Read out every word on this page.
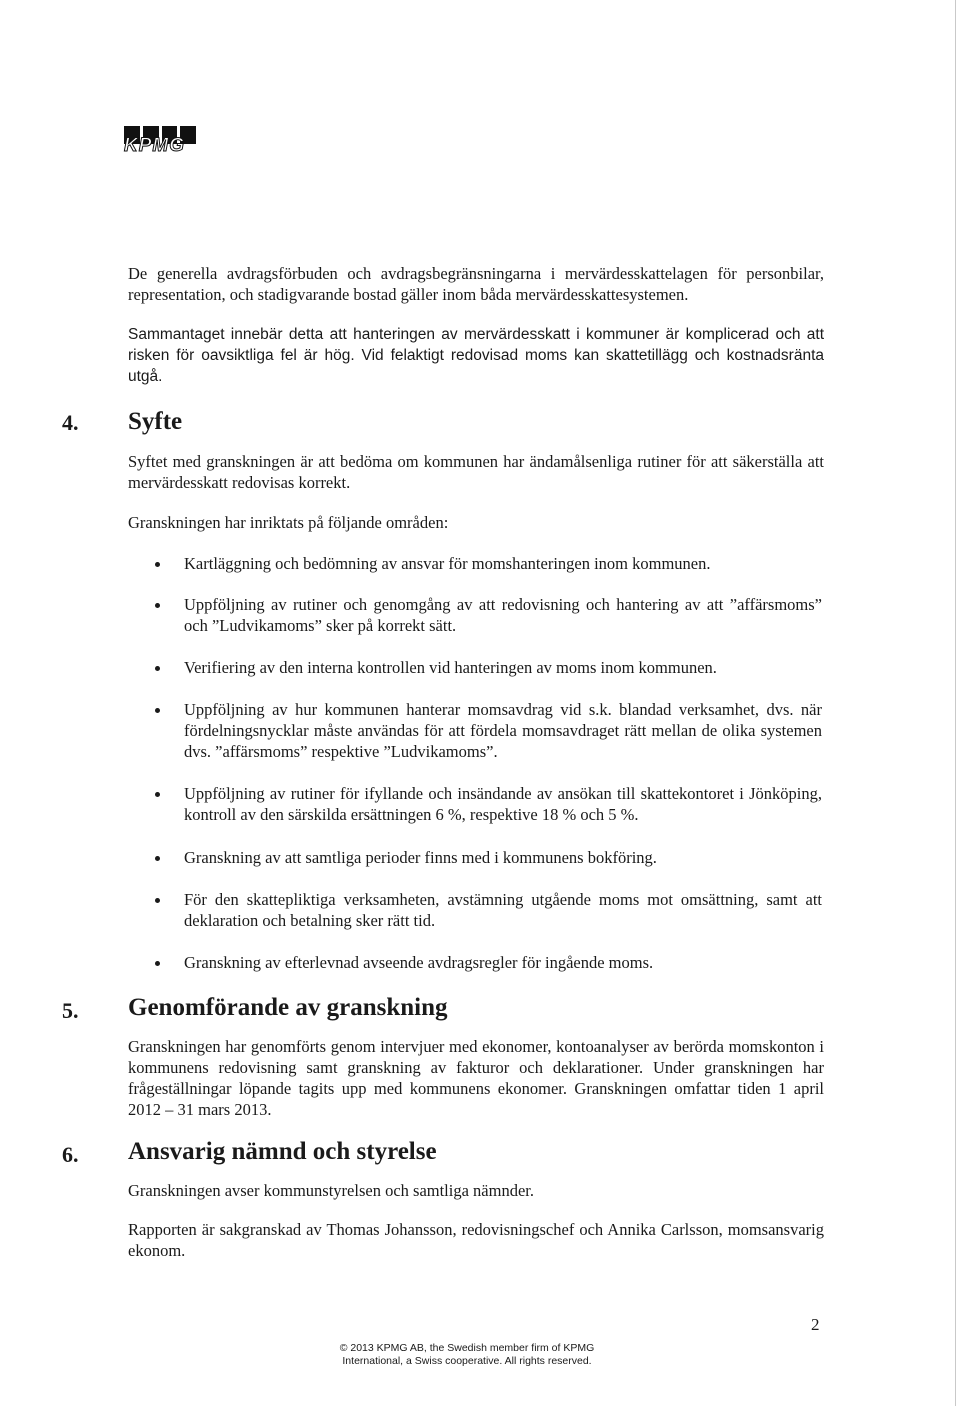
KPMG

De generella avdragsförbuden och avdragsbegränsningarna i mervärdesskattelagen för personbilar, representation, och stadigvarande bostad gäller inom båda mervärdesskattesystemen.

Sammantaget innebär detta att hanteringen av mervärdesskatt i kommuner är komplicerad och att risken för oavsiktliga fel är hög. Vid felaktigt redovisad moms kan skattetillägg och kostnadsränta utgå.

4. Syfte

Syftet med granskningen är att bedöma om kommunen har ändamålsenliga rutiner för att säkerställa att mervärdesskatt redovisas korrekt.

Granskningen har inriktats på följande områden:

Kartläggning och bedömning av ansvar för momshanteringen inom kommunen.

Uppföljning av rutiner och genomgång av att redovisning och hantering av att ”affärsmoms” och ”Ludvikamoms” sker på korrekt sätt.

Verifiering av den interna kontrollen vid hanteringen av moms inom kommunen.

Uppföljning av hur kommunen hanterar momsavdrag vid s.k. blandad verksamhet, dvs. när fördelningsnycklar måste användas för att fördela momsavdraget rätt mellan de olika systemen dvs. ”affärsmoms” respektive ”Ludvikamoms”.

Uppföljning av rutiner för ifyllande och insändande av ansökan till skattekontoret i Jönköping, kontroll av den särskilda ersättningen 6 %, respektive 18 % och 5 %.

Granskning av att samtliga perioder finns med i kommunens bokföring.

För den skattepliktiga verksamheten, avstämning utgående moms mot omsättning, samt att deklaration och betalning sker rätt tid.

Granskning av efterlevnad avseende avdragsregler för ingående moms.

5. Genomförande av granskning

Granskningen har genomförts genom intervjuer med ekonomer, kontoanalyser av berörda momskonton i kommunens redovisning samt granskning av fakturor och deklarationer. Under granskningen har frågeställningar löpande tagits upp med kommunens ekonomer. Granskningen omfattar tiden 1 april 2012 – 31 mars 2013.

6. Ansvarig nämnd och styrelse

Granskningen avser kommunstyrelsen och samtliga nämnder.

Rapporten är sakgranskad av Thomas Johansson, redovisningschef och Annika Carlsson, momsansvarig ekonom.

2
© 2013 KPMG AB, the Swedish member firm of KPMG International, a Swiss cooperative. All rights reserved.
